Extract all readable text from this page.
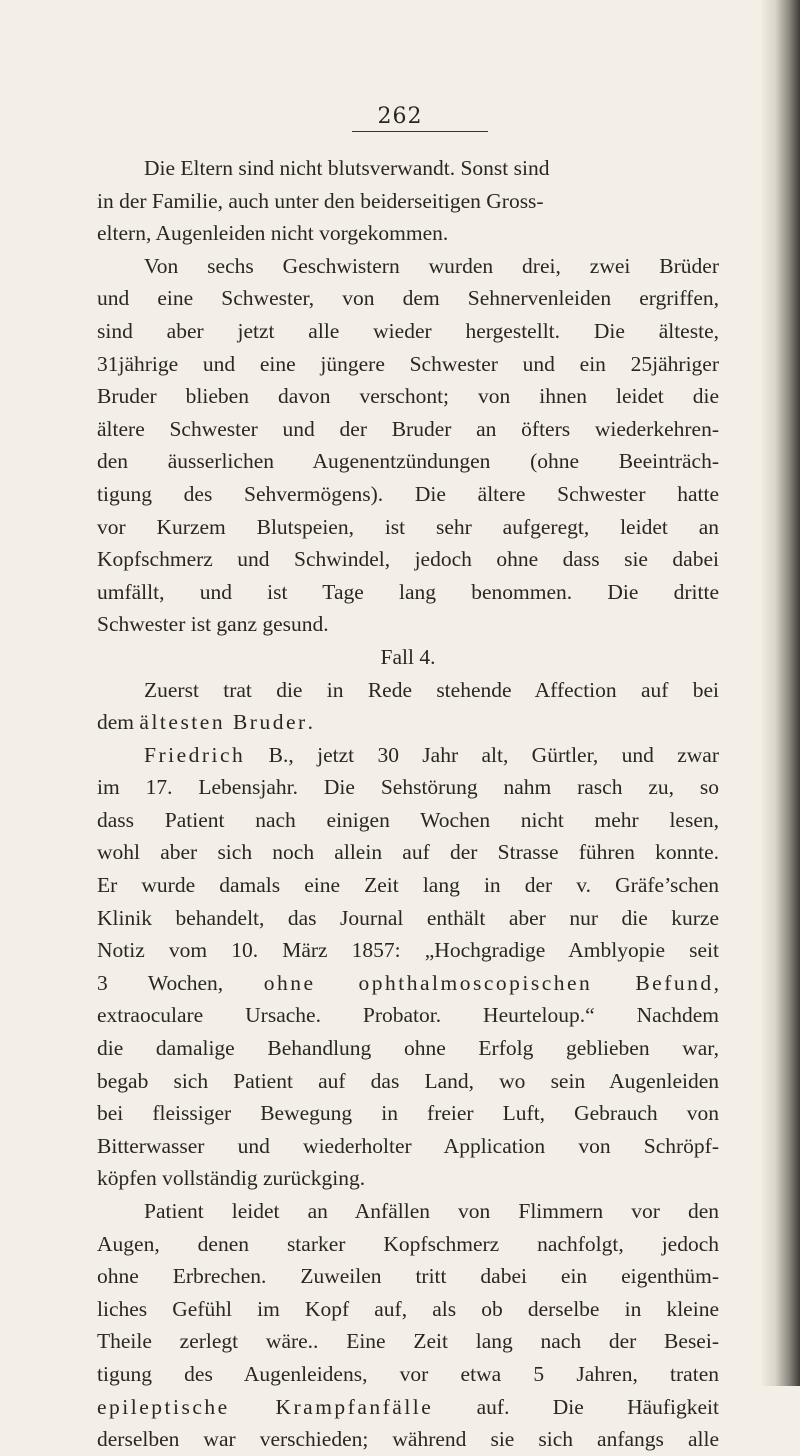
262

Die Eltern sind nicht blutsverwandt. Sonst sind
in der Familie, auch unter den beiderseitigen Gross-
eltern, Augenleiden nicht vorgekommen.

Von sechs Geschwistern wurden drei, zwei Brüder
und eine Schwester, von dem Sehnervenleiden ergriffen,
sind aber jetzt alle wieder hergestellt. Die älteste,
31jährige und eine jüngere Schwester und ein 25jähriger
Bruder blieben davon verschont; von ihnen leidet die
ältere Schwester und der Bruder an öfters wiederkehren-
den äusserlichen Augenentzündungen (ohne Beeinträch-
tigung des Sehvermögens). Die ältere Schwester hatte
vor Kurzem Blutspeien, ist sehr aufgeregt, leidet an
Kopfschmerz und Schwindel, jedoch ohne dass sie dabei
umfällt, und ist Tage lang benommen. Die dritte
Schwester ist ganz gesund.

Fall 4.

Zuerst trat die in Rede stehende Affection auf bei
dem ältesten Bruder.

Friedrich B., jetzt 30 Jahr alt, Gürtler, und zwar
im 17. Lebensjahr. Die Sehstörung nahm rasch zu, so
dass Patient nach einigen Wochen nicht mehr lesen,
wohl aber sich noch allein auf der Strasse führen konnte.
Er wurde damals eine Zeit lang in der v. Gräfe’schen
Klinik behandelt, das Journal enthält aber nur die kurze
Notiz vom 10. März 1857: „Hochgradige Amblyopie seit
3 Wochen, ohne ophthalmoscopischen Befund,
extraoculare Ursache. Probator. Heurteloup.“ Nachdem
die damalige Behandlung ohne Erfolg geblieben war,
begab sich Patient auf das Land, wo sein Augenleiden
bei fleissiger Bewegung in freier Luft, Gebrauch von
Bitterwasser und wiederholter Application von Schröpf-
köpfen vollständig zurückging.

Patient leidet an Anfällen von Flimmern vor den
Augen, denen starker Kopfschmerz nachfolgt, jedoch
ohne Erbrechen. Zuweilen tritt dabei ein eigenthüm-
liches Gefühl im Kopf auf, als ob derselbe in kleine
Theile zerlegt wäre.. Eine Zeit lang nach der Besei-
tigung des Augenleidens, vor etwa 5 Jahren, traten
epileptische Krampfanfälle auf. Die Häufigkeit
derselben war verschieden; während sie sich anfangs alle
